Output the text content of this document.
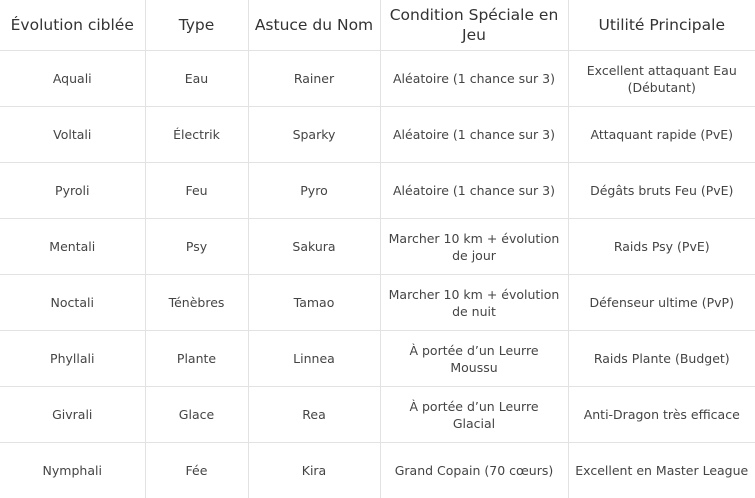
Évolution ciblée	Type	Astuce du Nom	Condition Spéciale en Jeu	Utilité Principale
Aquali	Eau	Rainer	Aléatoire (1 chance sur 3)	Excellent attaquant Eau (Débutant)
Voltali	Électrik	Sparky	Aléatoire (1 chance sur 3)	Attaquant rapide (PvE)
Pyroli	Feu	Pyro	Aléatoire (1 chance sur 3)	Dégâts bruts Feu (PvE)
Mentali	Psy	Sakura	Marcher 10 km + évolution de jour	Raids Psy (PvE)
Noctali	Ténèbres	Tamao	Marcher 10 km + évolution de nuit	Défenseur ultime (PvP)
Phyllali	Plante	Linnea	À portée d’un Leurre Moussu	Raids Plante (Budget)
Givrali	Glace	Rea	À portée d’un Leurre Glacial	Anti-Dragon très efficace
Nymphali	Fée	Kira	Grand Copain (70 cœurs)	Excellent en Master League
